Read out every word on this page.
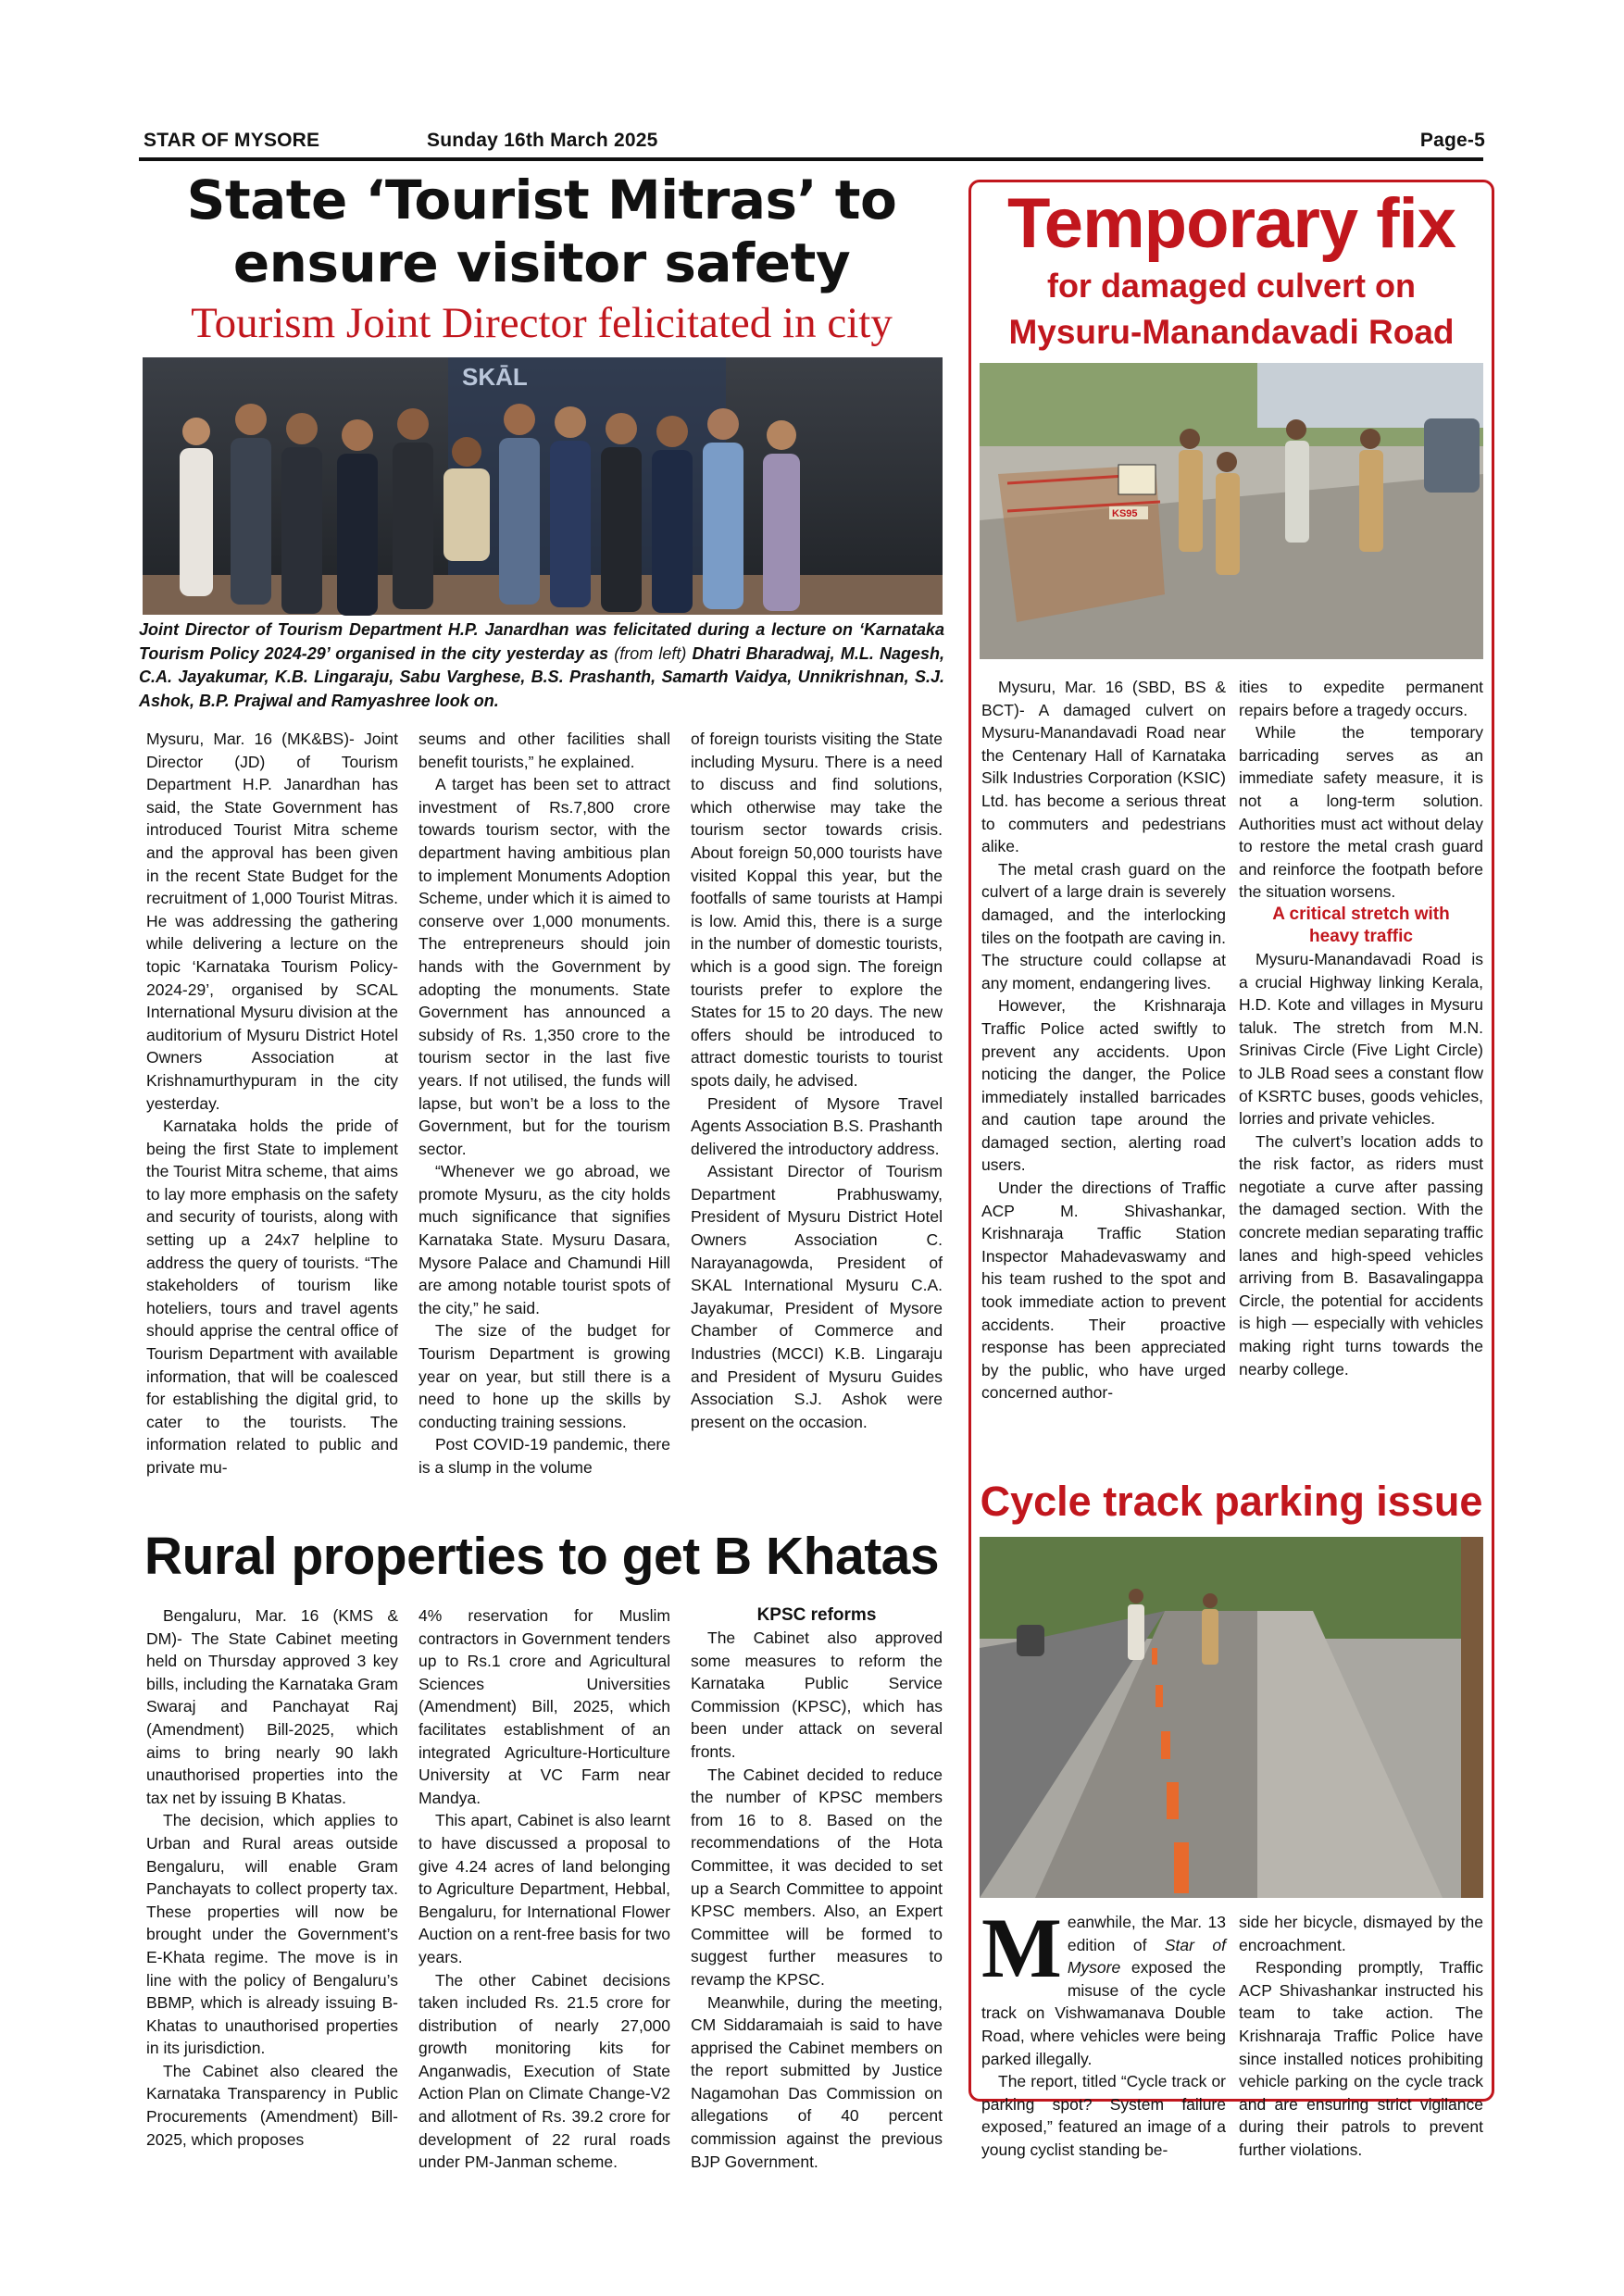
STAR OF MYSORE	Sunday 16th March 2025	Page-5
State ‘Tourist Mitras’ to
ensure visitor safety
Tourism Joint Director felicitated in city
SKĀL
Joint Director of Tourism Department H.P. Janardhan was felicitated during a lecture on ‘Karnataka Tourism Policy 2024-29’ organised in the city yesterday as (from left) Dhatri Bharadwaj, M.L. Nagesh, C.A. Jayakumar, K.B. Lingaraju, Sabu Varghese, B.S. Prashanth, Samarth Vaidya, Unnikrishnan, S.J. Ashok, B.P. Prajwal and Ramyashree look on.

Mysuru, Mar. 16 (MK&BS)- Joint Director (JD) of Tourism Department H.P. Janardhan has said, the State Government has introduced Tourist Mitra scheme and the approval has been given in the recent State Budget for the recruitment of 1,000 Tourist Mitras. He was addressing the gathering while delivering a lecture on the topic ‘Karnataka Tourism Policy- 2024-29’, organised by SCAL International Mysuru division at the auditorium of Mysuru District Hotel Owners Association at Krishnamurthypuram in the city yesterday.

Karnataka holds the pride of being the first State to implement the Tourist Mitra scheme, that aims to lay more emphasis on the safety and security of tourists, along with setting up a 24x7 helpline to address the query of tourists. “The stakeholders of tourism like hoteliers, tours and travel agents should apprise the central office of Tourism Department with available information, that will be coalesced for establishing the digital grid, to cater to the tourists. The information related to public and private mu-

seums and other facilities shall benefit tourists,” he explained.

A target has been set to attract investment of Rs.7,800 crore towards tourism sector, with the department having ambitious plan to implement Monuments Adoption Scheme, under which it is aimed to conserve over 1,000 monuments. The entrepreneurs should join hands with the Government by adopting the monuments. State Government has announced a subsidy of Rs. 1,350 crore to the tourism sector in the last five years. If not utilised, the funds will lapse, but won’t be a loss to the Government, but for the tourism sector.

“Whenever we go abroad, we promote Mysuru, as the city holds much significance that signifies Karnataka State. Mysuru Dasara, Mysore Palace and Chamundi Hill are among notable tourist spots of the city,” he said.

The size of the budget for Tourism Department is growing year on year, but still there is a need to hone up the skills by conducting training sessions.

Post COVID-19 pandemic, there is a slump in the volume

of foreign tourists visiting the State including Mysuru. There is a need to discuss and find solutions, which otherwise may take the tourism sector towards crisis. About foreign 50,000 tourists have visited Koppal this year, but the footfalls of same tourists at Hampi is low. Amid this, there is a surge in the number of domestic tourists, which is a good sign. The foreign tourists prefer to explore the States for 15 to 20 days. The new offers should be introduced to attract domestic tourists to tourist spots daily, he advised.

President of Mysore Travel Agents Association B.S. Prashanth delivered the introductory address.

Assistant Director of Tourism Department Prabhuswamy, President of Mysuru District Hotel Owners Association C. Narayanagowda, President of SKAL International Mysuru C.A. Jayakumar, President of Mysore Chamber of Commerce and Industries (MCCI) K.B. Lingaraju and President of Mysuru Guides Association S.J. Ashok were present on the occasion.

Temporary fix
for damaged culvert on
Mysuru-Manandavadi Road
KS95

Mysuru, Mar. 16 (SBD, BS & BCT)- A damaged culvert on Mysuru-Manandavadi Road near the Centenary Hall of Karnataka Silk Industries Corporation (KSIC) Ltd. has become a serious threat to commuters and pedestrians alike.

The metal crash guard on the culvert of a large drain is severely damaged, and the interlocking tiles on the footpath are caving in. The structure could collapse at any moment, endangering lives.

However, the Krishnaraja Traffic Police acted swiftly to prevent any accidents. Upon noticing the danger, the Police immediately installed barricades and caution tape around the damaged section, alerting road users.

Under the directions of Traffic ACP M. Shivashankar, Krishnaraja Traffic Station Inspector Mahadevaswamy and his team rushed to the spot and took immediate action to prevent accidents. Their proactive response has been appreciated by the public, who have urged concerned author-

ities to expedite permanent repairs before a tragedy occurs.

While the temporary barricading serves as an immediate safety measure, it is not a long-term solution. Authorities must act without delay to restore the metal crash guard and reinforce the footpath before the situation worsens.

A critical stretch with
heavy traffic

Mysuru-Manandavadi Road is a crucial Highway linking Kerala, H.D. Kote and villages in Mysuru taluk. The stretch from M.N. Srinivas Circle (Five Light Circle) to JLB Road sees a constant flow of KSRTC buses, goods vehicles, lorries and private vehicles.

The culvert’s location adds to the risk factor, as riders must negotiate a curve after passing the damaged section. With the concrete median separating traffic lanes and high-speed vehicles arriving from B. Basavalingappa Circle, the potential for accidents is high — especially with vehicles making right turns towards the nearby college.

Rural properties to get B Khatas

Bengaluru, Mar. 16 (KMS & DM)- The State Cabinet meeting held on Thursday approved 3 key bills, including the Karnataka Gram Swaraj and Panchayat Raj (Amendment) Bill-2025, which aims to bring nearly 90 lakh unauthorised properties into the tax net by issuing B Khatas.

The decision, which applies to Urban and Rural areas outside Bengaluru, will enable Gram Panchayats to collect property tax. These properties will now be brought under the Government’s E-Khata regime. The move is in line with the policy of Bengaluru’s BBMP, which is already issuing B-Khatas to unauthorised properties in its jurisdiction.

The Cabinet also cleared the Karnataka Transparency in Public Procurements (Amendment) Bill-2025, which proposes

4% reservation for Muslim contractors in Government tenders up to Rs.1 crore and Agricultural Sciences Universities (Amendment) Bill, 2025, which facilitates establishment of an integrated Agriculture-Horticulture University at VC Farm near Mandya.

This apart, Cabinet is also learnt to have discussed a proposal to give 4.24 acres of land belonging to Agriculture Department, Hebbal, Bengaluru, for International Flower Auction on a rent-free basis for two years.

The other Cabinet decisions taken included Rs. 21.5 crore for distribution of nearly 27,000 growth monitoring kits for Anganwadis, Execution of State Action Plan on Climate Change-V2 and allotment of Rs. 39.2 crore for development of 22 rural roads under PM-Janman scheme.

KPSC reforms

The Cabinet also approved some measures to reform the Karnataka Public Service Commission (KPSC), which has been under attack on several fronts.

The Cabinet decided to reduce the number of KPSC members from 16 to 8. Based on the recommendations of the Hota Committee, it was decided to set up a Search Committee to appoint KPSC members. Also, an Expert Committee will be formed to suggest further measures to revamp the KPSC.

Meanwhile, during the meeting, CM Siddaramaiah is said to have apprised the Cabinet members on the report submitted by Justice Nagamohan Das Commission on allegations of 40 percent commission against the previous BJP Government.

Cycle track parking issue
M eanwhile, the Mar. 13 edition of Star of Mysore exposed the misuse of the cycle track on Vishwamanava Double Road, where vehicles were being parked illegally.

The report, titled “Cycle track or parking spot? System failure exposed,” featured an image of a young cyclist standing be-

side her bicycle, dismayed by the encroachment.

Responding promptly, Traffic ACP Shivashankar instructed his team to take action. The Krishnaraja Traffic Police have since installed notices prohibiting vehicle parking on the cycle track and are ensuring strict vigilance during their patrols to prevent further violations.
